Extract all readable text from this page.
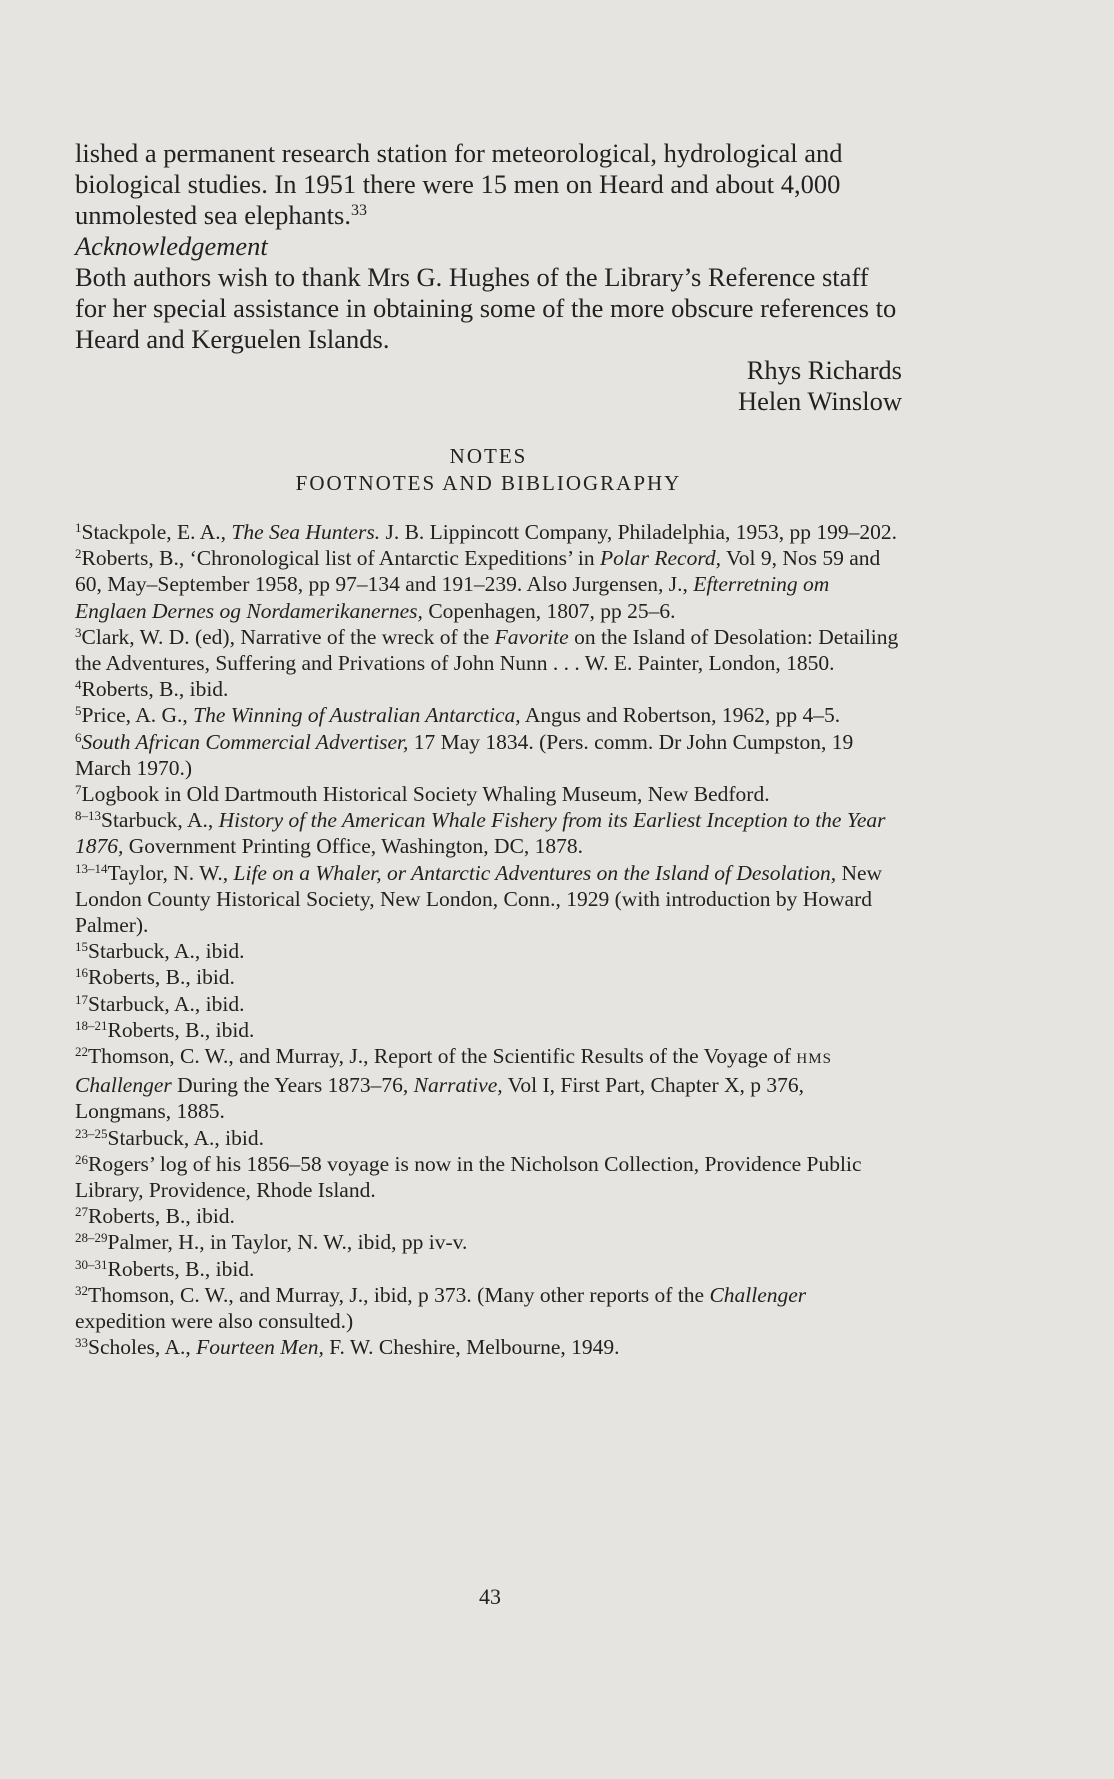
lished a permanent research station for meteorological, hydrological and biological studies. In 1951 there were 15 men on Heard and about 4,000 unmolested sea elephants.$^{33}$

Acknowledgement

Both authors wish to thank Mrs G. Hughes of the Library’s Reference staff for her special assistance in obtaining some of the more obscure references to Heard and Kerguelen Islands.

Rhys Richards
Helen Winslow
NOTES
FOOTNOTES AND BIBLIOGRAPHY

$^1$Stackpole, E. A., The Sea Hunters. J. B. Lippincott Company, Philadelphia, 1953, pp 199–202.

$^2$Roberts, B., ‘Chronological list of Antarctic Expeditions’ in Polar Record, Vol 9, Nos 59 and 60, May–September 1958, pp 97–134 and 191–239. Also Jurgensen, J., Efterretning om Englaen Dernes og Nordamerikanernes, Copenhagen, 1807, pp 25–6.

$^3$Clark, W. D. (ed), Narrative of the wreck of the Favorite on the Island of Desolation: Detailing the Adventures, Suffering and Privations of John Nunn . . . W. E. Painter, London, 1850.

$^4$Roberts, B., ibid.

$^5$Price, A. G., The Winning of Australian Antarctica, Angus and Robertson, 1962, pp 4–5.

$^6$South African Commercial Advertiser, 17 May 1834. (Pers. comm. Dr John Cumpston, 19 March 1970.)

$^7$Logbook in Old Dartmouth Historical Society Whaling Museum, New Bedford.

$^{8-13}$Starbuck, A., History of the American Whale Fishery from its Earliest Inception to the Year 1876, Government Printing Office, Washington, DC, 1878.

$^{13-14}$Taylor, N. W., Life on a Whaler, or Antarctic Adventures on the Island of Desolation, New London County Historical Society, New London, Conn., 1929 (with introduction by Howard Palmer).

$^{15}$Starbuck, A., ibid.

$^{16}$Roberts, B., ibid.

$^{17}$Starbuck, A., ibid.

$^{18-21}$Roberts, B., ibid.

$^{22}$Thomson, C. W., and Murray, J., Report of the Scientific Results of the Voyage of HMS Challenger During the Years 1873–76, Narrative, Vol I, First Part, Chapter X, p 376, Longmans, 1885.

$^{23-25}$Starbuck, A., ibid.

$^{26}$Rogers’ log of his 1856–58 voyage is now in the Nicholson Collection, Providence Public Library, Providence, Rhode Island.

$^{27}$Roberts, B., ibid.

$^{28-29}$Palmer, H., in Taylor, N. W., ibid, pp iv-v.

$^{30-31}$Roberts, B., ibid.

$^{32}$Thomson, C. W., and Murray, J., ibid, p 373. (Many other reports of the Challenger expedition were also consulted.)

$^{33}$Scholes, A., Fourteen Men, F. W. Cheshire, Melbourne, 1949.

43
